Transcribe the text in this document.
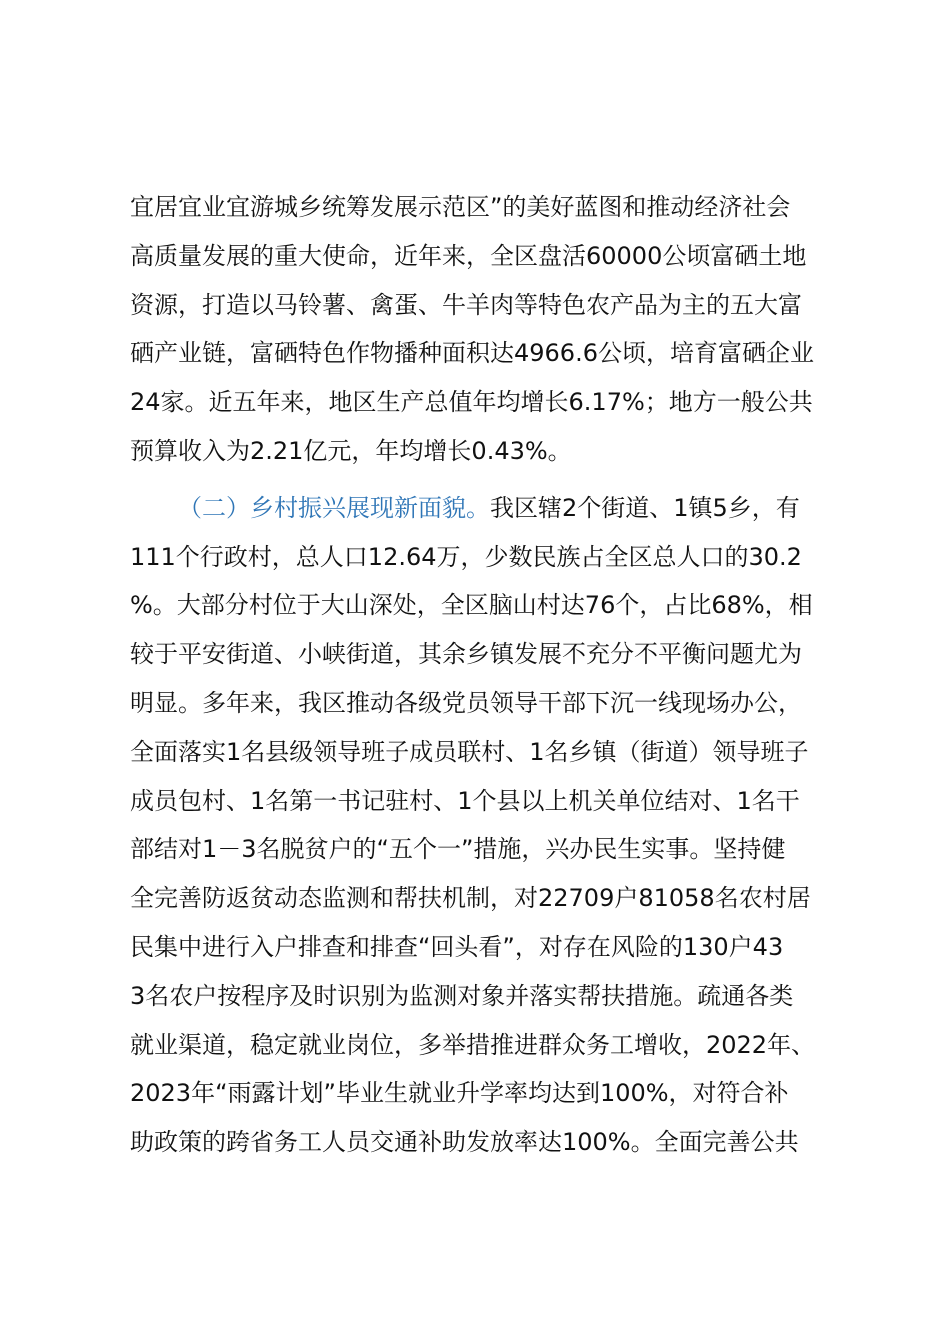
宜居宜业宜游城乡统筹发展示范区”的美好蓝图和推动经济社会
高质量发展的重大使命，近年来，全区盘活60000公顷富硒土地
资源，打造以马铃薯、禽蛋、牛羊肉等特色农产品为主的五大富
硒产业链，富硒特色作物播种面积达4966.6公顷，培育富硒企业
24家。近五年来，地区生产总值年均增长6.17%；地方一般公共
预算收入为2.21亿元，年均增长0.43%。
（二）乡村振兴展现新面貌。我区辖2个街道、1镇5乡，有
111个行政村，总人口12.64万，少数民族占全区总人口的30.2
%。大部分村位于大山深处，全区脑山村达76个，占比68%，相
较于平安街道、小峡街道，其余乡镇发展不充分不平衡问题尤为
明显。多年来，我区推动各级党员领导干部下沉一线现场办公，
全面落实1名县级领导班子成员联村、1名乡镇（街道）领导班子
成员包村、1名第一书记驻村、1个县以上机关单位结对、1名干
部结对1－3名脱贫户的“五个一”措施，兴办民生实事。坚持健
全完善防返贫动态监测和帮扶机制，对22709户81058名农村居
民集中进行入户排查和排查“回头看”，对存在风险的130户43
3名农户按程序及时识别为监测对象并落实帮扶措施。疏通各类
就业渠道，稳定就业岗位，多举措推进群众务工增收，2022年、
2023年“雨露计划”毕业生就业升学率均达到100%，对符合补
助政策的跨省务工人员交通补助发放率达100%。全面完善公共
